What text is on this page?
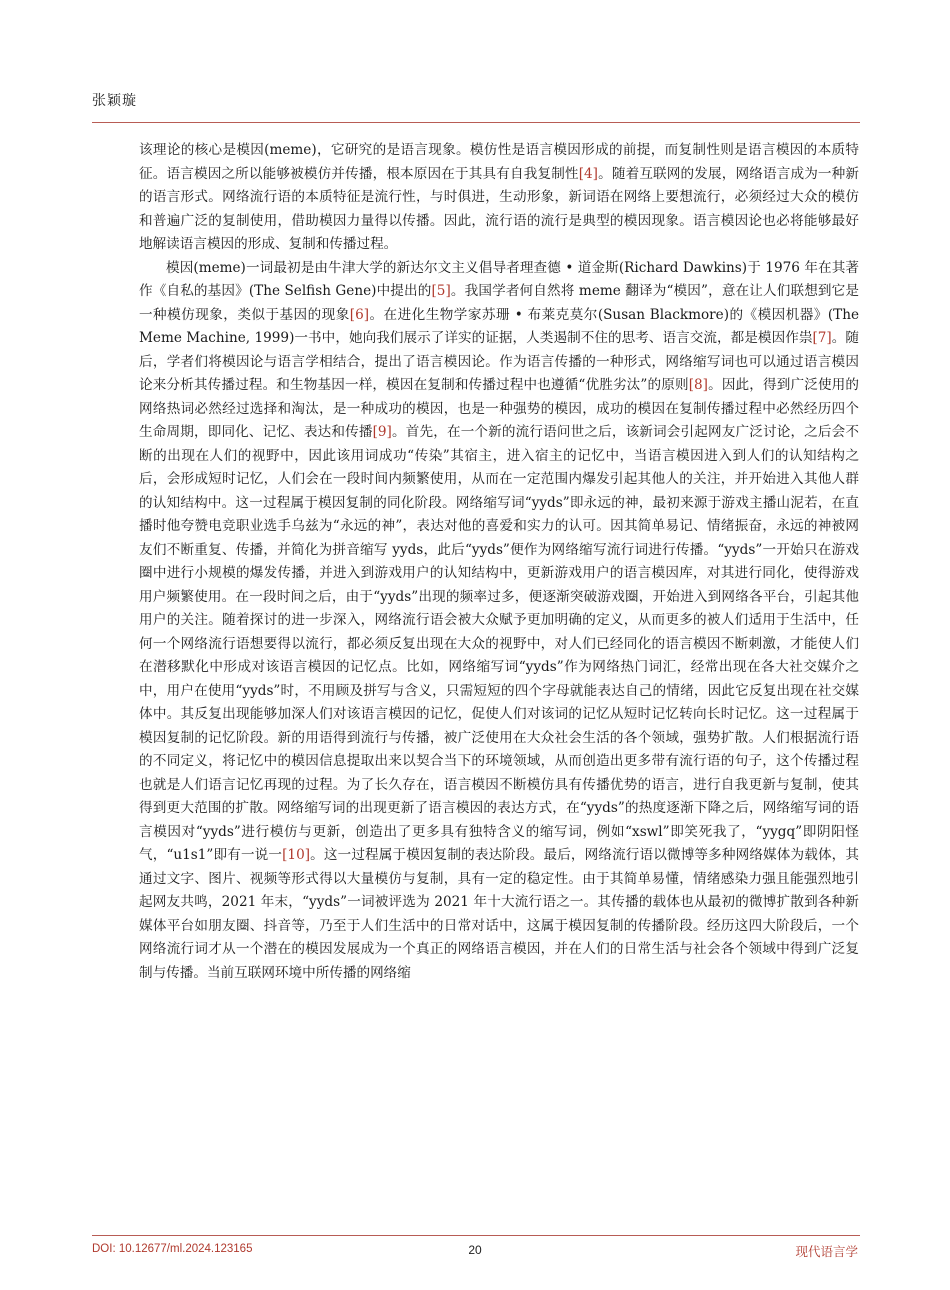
张颖璇

该理论的核心是模因(meme)，它研究的是语言现象。模仿性是语言模因形成的前提，而复制性则是语言模因的本质特征。语言模因之所以能够被模仿并传播，根本原因在于其具有自我复制性[4]。随着互联网的发展，网络语言成为一种新的语言形式。网络流行语的本质特征是流行性，与时俱进，生动形象，新词语在网络上要想流行，必须经过大众的模仿和普遍广泛的复制使用，借助模因力量得以传播。因此，流行语的流行是典型的模因现象。语言模因论也必将能够最好地解读语言模因的形成、复制和传播过程。

模因(meme)一词最初是由牛津大学的新达尔文主义倡导者理查德 • 道金斯(Richard Dawkins)于 1976 年在其著作《自私的基因》(The Selfish Gene)中提出的[5]。我国学者何自然将 meme 翻译为“模因”，意在让人们联想到它是一种模仿现象，类似于基因的现象[6]。在进化生物学家苏珊 • 布莱克莫尔(Susan Blackmore)的《模因机器》(The Meme Machine, 1999)一书中，她向我们展示了详实的证据，人类遏制不住的思考、语言交流，都是模因作祟[7]。随后，学者们将模因论与语言学相结合，提出了语言模因论。作为语言传播的一种形式，网络缩写词也可以通过语言模因论来分析其传播过程。和生物基因一样，模因在复制和传播过程中也遵循“优胜劣汰”的原则[8]。因此，得到广泛使用的网络热词必然经过选择和淘汰，是一种成功的模因，也是一种强势的模因，成功的模因在复制传播过程中必然经历四个生命周期，即同化、记忆、表达和传播[9]。首先，在一个新的流行语问世之后，该新词会引起网友广泛讨论，之后会不断的出现在人们的视野中，因此该用词成功“传染”其宿主，进入宿主的记忆中，当语言模因进入到人们的认知结构之后，会形成短时记忆，人们会在一段时间内频繁使用，从而在一定范围内爆发引起其他人的关注，并开始进入其他人群的认知结构中。这一过程属于模因复制的同化阶段。网络缩写词“yyds”即永远的神，最初来源于游戏主播山泥若，在直播时他夸赞电竞职业选手乌兹为“永远的神”，表达对他的喜爱和实力的认可。因其简单易记、情绪振奋，永远的神被网友们不断重复、传播，并简化为拼音缩写 yyds，此后“yyds”便作为网络缩写流行词进行传播。“yyds”一开始只在游戏圈中进行小规模的爆发传播，并进入到游戏用户的认知结构中，更新游戏用户的语言模因库，对其进行同化，使得游戏用户频繁使用。在一段时间之后，由于“yyds”出现的频率过多，便逐渐突破游戏圈，开始进入到网络各平台，引起其他用户的关注。随着探讨的进一步深入，网络流行语会被大众赋予更加明确的定义，从而更多的被人们适用于生活中，任何一个网络流行语想要得以流行，都必须反复出现在大众的视野中，对人们已经同化的语言模因不断刺激，才能使人们在潜移默化中形成对该语言模因的记忆点。比如，网络缩写词“yyds”作为网络热门词汇，经常出现在各大社交媒介之中，用户在使用“yyds”时，不用顾及拼写与含义，只需短短的四个字母就能表达自己的情绪，因此它反复出现在社交媒体中。其反复出现能够加深人们对该语言模因的记忆，促使人们对该词的记忆从短时记忆转向长时记忆。这一过程属于模因复制的记忆阶段。新的用语得到流行与传播，被广泛使用在大众社会生活的各个领域，强势扩散。人们根据流行语的不同定义，将记忆中的模因信息提取出来以契合当下的环境领域，从而创造出更多带有流行语的句子，这个传播过程也就是人们语言记忆再现的过程。为了长久存在，语言模因不断模仿具有传播优势的语言，进行自我更新与复制，使其得到更大范围的扩散。网络缩写词的出现更新了语言模因的表达方式，在“yyds”的热度逐渐下降之后，网络缩写词的语言模因对“yyds”进行模仿与更新，创造出了更多具有独特含义的缩写词，例如“xswl”即笑死我了，“yygq”即阴阳怪气，“u1s1”即有一说一[10]。这一过程属于模因复制的表达阶段。最后，网络流行语以微博等多种网络媒体为载体，其通过文字、图片、视频等形式得以大量模仿与复制，具有一定的稳定性。由于其简单易懂，情绪感染力强且能强烈地引起网友共鸣，2021 年末，“yyds”一词被评选为 2021 年十大流行语之一。其传播的载体也从最初的微博扩散到各种新媒体平台如朋友圈、抖音等，乃至于人们生活中的日常对话中，这属于模因复制的传播阶段。经历这四大阶段后，一个网络流行词才从一个潜在的模因发展成为一个真正的网络语言模因，并在人们的日常生活与社会各个领域中得到广泛复制与传播。当前互联网环境中所传播的网络缩

DOI: 10.12677/ml.2024.123165	20	现代语言学
